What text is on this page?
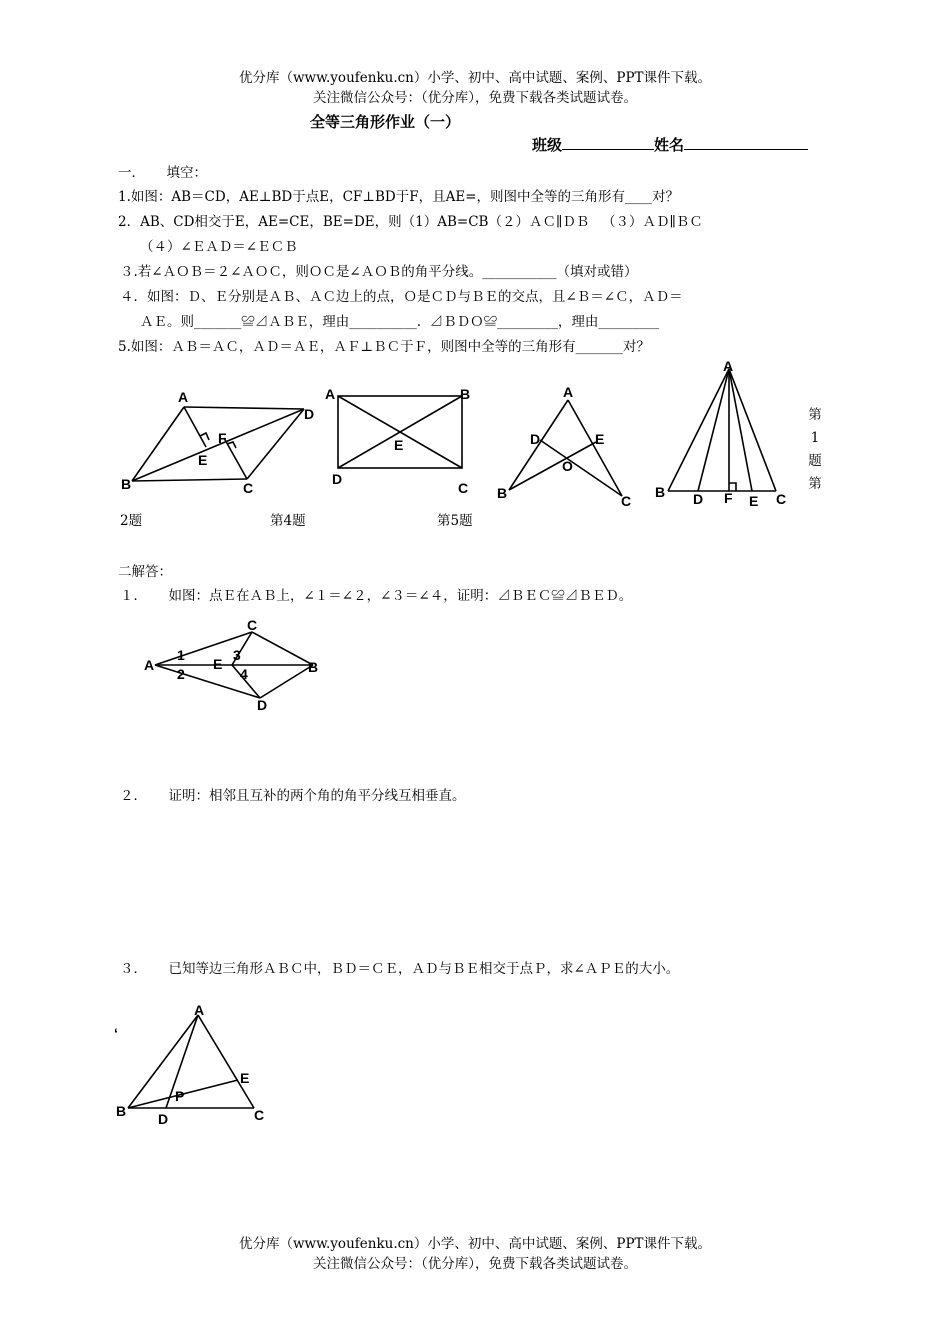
优分库（www.youfenku.cn）小学、初中、高中试题、案例、PPT课件下载。
关注微信公众号：（优分库），免费下载各类试题试卷。
全等三角形作业（一）
班级	姓名
一．     填空：
1.如图：AB＝CD，AE⊥BD于点E，CF⊥BD于F，且AE=，则图中全等的三角形有____对？
2．AB、CD相交于E，AE=CE，BE=DE，则（1）AB=CB（２）ＡＣ∥ＤＢ   （３）ＡＤ∥ＢＣ
（４）∠ＥＡＤ＝∠ＥＣＢ
３.若∠ＡＯＢ＝２∠ＡＯＣ，则ＯＣ是∠ＡＯＢ的角平分线。___________（填对或错）
４．如图：Ｄ、Ｅ分别是ＡＢ、ＡＣ边上的点，Ｏ是ＣＤ与ＢＥ的交点，且∠Ｂ＝∠Ｃ，ＡＤ＝
ＡＥ。则_______≌⊿ＡＢＥ，理由__________.  ⊿ＢＤＯ≌_________，理由_________
5.如图：ＡＢ＝ＡＣ，ＡＤ＝ＡＥ，ＡＦ⊥ＢＣ于Ｆ，则图中全等的三角形有_______对？
A
B	C
D
E
F
A	B
C
D
E
A
B	C
D	E
O
A
B	C
D	E
F
第
1
题
第
2题	第4题	第5题
二解答：
１．     如图：点Ｅ在ＡＢ上，∠１＝∠２，∠３＝∠４，证明：⊿ＢＥＣ≌⊿ＢＥＤ。
A	B
C
D
E
1
2
3
4
２．     证明：相邻且互补的两个角的角平分线互相垂直。
３．     已知等边三角形ＡＢＣ中，ＢＤ＝ＣＥ，ＡＤ与ＢＥ相交于点Ｐ，求∠ＡＰＥ的大小。
A
B	C
D
E
P
ʻ
优分库（www.youfenku.cn）小学、初中、高中试题、案例、PPT课件下载。
关注微信公众号：（优分库），免费下载各类试题试卷。
